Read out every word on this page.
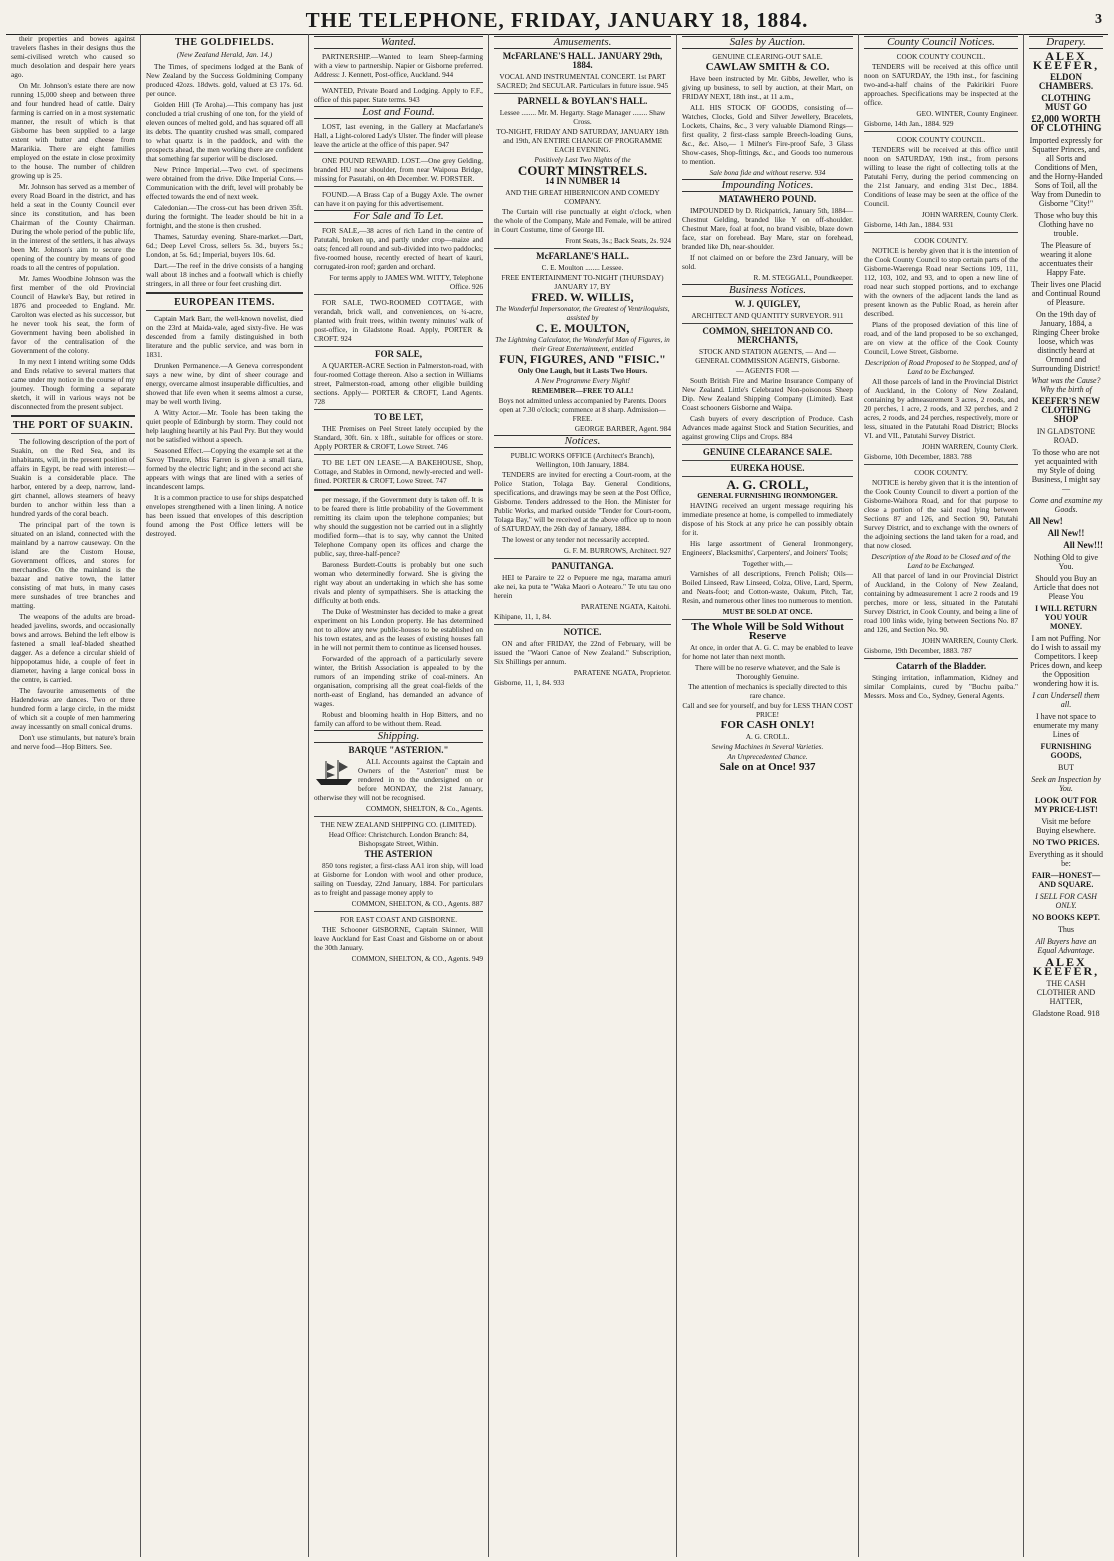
THE TELEPHONE, FRIDAY, JANUARY 18, 1884.	3

their properties and bowes against travelers flashes in their designs thus the semi-civilised wretch who caused so much desolation and despair here years ago.

On Mr. Johnson's estate there are now running 15,000 sheep and between three and four hundred head of cattle. Dairy farming is carried on in a most systematic manner, the result of which is that Gisborne has been supplied to a large extent with butter and cheese from Mararikia. There are eight families employed on the estate in close proximity to the house. The number of children growing up is 25.

Mr. Johnson has served as a member of every Road Board in the district, and has held a seat in the County Council ever since its constitution, and has been Chairman of the County Chairman. During the whole period of the public life, in the interest of the settlers, it has always been Mr. Johnson's aim to secure the opening of the country by means of good roads to all the centres of population.

Mr. James Woodbine Johnson was the first member of the old Provincial Council of Hawke's Bay, but retired in 1876 and proceeded to England. Mr. Carolton was elected as his successor, but he never took his seat, the form of Government having been abolished in favor of the centralisation of the Government of the colony.

In my next I intend writing some Odds and Ends relative to several matters that came under my notice in the course of my journey. Though forming a separate sketch, it will in various ways not be disconnected from the present subject.

THE PORT OF SUAKIN.

The following description of the port of Suakin, on the Red Sea, and its inhabitants, will, in the present position of affairs in Egypt, be read with interest:—Suakin is a considerable place. The harbor, entered by a deep, narrow, land-girt channel, allows steamers of heavy burden to anchor within less than a hundred yards of the coral beach.

The principal part of the town is situated on an island, connected with the mainland by a narrow causeway. On the island are the Custom House, Government offices, and stores for merchandise. On the mainland is the bazaar and native town, the latter consisting of mat huts, in many cases mere sunshades of tree branches and matting.

The weapons of the adults are broad-headed javelins, swords, and occasionally bows and arrows. Behind the left elbow is fastened a small leaf-bladed sheathed dagger. As a defence a circular shield of hippopotamus hide, a couple of feet in diameter, having a large conical boss in the centre, is carried.

The favourite amusements of the Hadendowas are dances. Two or three hundred form a large circle, in the midst of which sit a couple of men hammering away incessantly on small conical drums.

Don't use stimulants, but nature's brain and nerve food—Hop Bitters. See.

THE GOLDFIELDS.
(New Zealand Herald, Jan. 14.)

The Times, of specimens lodged at the Bank of New Zealand by the Success Goldmining Company produced 42ozs. 18dwts. gold, valued at £3 17s. 6d. per ounce.

Golden Hill (Te Aroha).—This company has just concluded a trial crushing of one ton, for the yield of eleven ounces of melted gold, and has squared off all its debts. The quantity crushed was small, compared to what quartz is in the paddock, and with the prospects ahead, the men working there are confident that something far superior will be disclosed.

New Prince Imperial.—Two cwt. of specimens were obtained from the drive. Dike Imperial Cons.—Communication with the drift, level will probably be effected towards the end of next week.

Caledonian.—The cross-cut has been driven 35ft. during the fortnight. The leader should be hit in a fortnight, and the stone is then crushed.

Thames, Saturday evening. Share-market.—Dart, 6d.; Deep Level Cross, sellers 5s. 3d., buyers 5s.; London, at 5s. 6d.; Imperial, buyers 10s. 6d.

Dart.—The reef in the drive consists of a hanging wall about 18 inches and a footwall which is chiefly stringers, in all three or four feet crushing dirt.

EUROPEAN ITEMS.

Captain Mark Barr, the well-known novelist, died on the 23rd at Maida-vale, aged sixty-five. He was descended from a family distinguished in both literature and the public service, and was born in 1831.

Drunken Permanence.—A Geneva correspondent says a new wine, by dint of sheer courage and energy, overcame almost insuperable difficulties, and showed that life even when it seems almost a curse, may be well worth living.

A Witty Actor.—Mr. Toole has been taking the quiet people of Edinburgh by storm. They could not help laughing heartily at his Paul Pry. But they would not be satisfied without a speech.

Seasoned Effect.—Copying the example set at the Savoy Theatre, Miss Farren is given a small tiara, formed by the electric light; and in the second act she appears with wings that are lined with a series of incandescent lamps.

It is a common practice to use for ships despatched envelopes strengthened with a linen lining. A notice has been issued that envelopes of this description found among the Post Office letters will be destroyed.

Wanted.

PARTNERSHIP.—Wanted to learn Sheep-farming with a view to partnership. Napier or Gisborne preferred. Address: J. Kennett, Post-office, Auckland. 944

WANTED, Private Board and Lodging. Apply to F.F., office of this paper. State terms. 943

Lost and Found.

LOST, last evening, in the Gallery at Macfarlane's Hall, a Light-colored Lady's Ulster. The finder will please leave the article at the office of this paper. 947

ONE POUND REWARD. LOST.—One grey Gelding, branded HU near shoulder, from near Waipoua Bridge, missing for Pasutahi, on 4th December. W. FORSTER.

FOUND.—A Brass Cap of a Buggy Axle. The owner can have it on paying for this advertisement.

For Sale and To Let.

FOR SALE,—38 acres of rich Land in the centre of Patutahi, broken up, and partly under crop—maize and oats; fenced all round and sub-divided into two paddocks; five-roomed house, recently erected of heart of kauri, corrugated-iron roof; garden and orchard.

For terms apply to JAMES WM. WITTY, Telephone Office. 926

FOR SALE, TWO-ROOMED COTTAGE, with verandah, brick wall, and conveniences, on ¼-acre, planted with fruit trees, within twenty minutes' walk of post-office, in Gladstone Road. Apply, PORTER & CROFT. 924

FOR SALE,

A QUARTER-ACRE Section in Palmerston-road, with four-roomed Cottage thereon. Also a section in Williams street, Palmerston-road, among other eligible building sections. Apply— PORTER & CROFT, Land Agents. 728

TO BE LET,

THE Premises on Peel Street lately occupied by the Standard, 30ft. 6in. x 18ft., suitable for offices or store. Apply PORTER & CROFT, Lowe Street. 746

TO BE LET ON LEASE.—A BAKEHOUSE, Shop, Cottage, and Stables in Ormond, newly-erected and well-fitted. PORTER & CROFT, Lowe Street. 747

per message, if the Government duty is taken off. It is to be feared there is little probability of the Government remitting its claim upon the telephone companies; but why should the suggestion not be carried out in a slightly modified form—that is to say, why cannot the United Telephone Company open its offices and charge the public, say, three-half-pence?

Baroness Burdett-Coutts is probably but one such woman who determinedly forward. She is giving the right way about an undertaking in which she has some rivals and plenty of sympathisers. She is attacking the difficulty at both ends.

The Duke of Westminster has decided to make a great experiment on his London property. He has determined not to allow any new public-houses to be established on his town estates, and as the leases of existing houses fall in he will not permit them to continue as licensed houses.

Forwarded of the approach of a particularly severe winter, the British Association is appealed to by the rumors of an impending strike of coal-miners. An organisation, comprising all the great coal-fields of the north-east of England, has demanded an advance of wages.

Robust and blooming health in Hop Bitters, and no family can afford to be without them. Read.

Shipping.
BARQUE "ASTERION."

ALL Accounts against the Captain and Owners of the "Asterion" must be rendered in to the undersigned on or before MONDAY, the 21st January, otherwise they will not be recognised.

COMMON, SHELTON, & Co., Agents.
THE NEW ZEALAND SHIPPING CO. (LIMITED).
Head Office: Christchurch. London Branch: 84, Bishopsgate Street, Within.
THE ASTERION

850 tons register, a first-class AA1 iron ship, will load at Gisborne for London with wool and other produce, sailing on Tuesday, 22nd January, 1884. For particulars as to freight and passage money apply to

COMMON, SHELTON, & CO., Agents. 887
FOR EAST COAST AND GISBORNE.

THE Schooner GISBORNE, Captain Skinner, Will leave Auckland for East Coast and Gisborne on or about the 30th January.

COMMON, SHELTON, & CO., Agents. 949
Amusements.
McFARLANE'S HALL. JANUARY 29th, 1884.
VOCAL AND INSTRUMENTAL CONCERT. 1st PART SACRED; 2nd SECULAR. Particulars in future issue. 945
PARNELL & BOYLAN'S HALL.
Lessee ........ Mr. M. Hegarty. Stage Manager ........ Shaw Cross.
TO-NIGHT, FRIDAY AND SATURDAY, JANUARY 18th and 19th, AN ENTIRE CHANGE OF PROGRAMME EACH EVENING.
Positively Last Two Nights of the
COURT MINSTRELS.
14 IN NUMBER 14
AND THE GREAT HIBERNICON AND COMEDY COMPANY.

The Curtain will rise punctually at eight o'clock, when the whole of the Company, Male and Female, will be attired in Court Costume, time of George III.

Front Seats, 3s.; Back Seats, 2s. 924
McFARLANE'S HALL.
C. E. Moulton ........ Lessee.
FREE ENTERTAINMENT TO-NIGHT (THURSDAY) JANUARY 17, BY
FRED. W. WILLIS,
The Wonderful Impersonator, the Greatest of Ventriloquists, assisted by
C. E. MOULTON,
The Lightning Calculator, the Wonderful Man of Figures, in their Great Entertainment, entitled
FUN, FIGURES, AND "FISIC."
Only One Laugh, but it Lasts Two Hours.
A New Programme Every Night!
REMEMBER—FREE TO ALL!
Boys not admitted unless accompanied by Parents. Doors open at 7.30 o'clock; commence at 8 sharp. Admission—FREE.
GEORGE BARBER, Agent. 984
Notices.
PUBLIC WORKS OFFICE (Architect's Branch), Wellington, 10th January, 1884.

TENDERS are invited for erecting a Court-room, at the Police Station, Tolaga Bay. General Conditions, specifications, and drawings may be seen at the Post Office, Gisborne. Tenders addressed to the Hon. the Minister for Public Works, and marked outside "Tender for Court-room, Tolaga Bay," will be received at the above office up to noon of SATURDAY, the 26th day of January, 1884.

The lowest or any tender not necessarily accepted.

G. F. M. BURROWS, Architect. 927
PANUITANGA.

HEI te Paraire te 22 o Pepuere me nga, marama amuri ake nei, ka puta te "Waka Maori o Aotearo." Te utu tau ono herein

PARATENE NGATA, Kaitohi.
Kihipane, 11, 1, 84.
NOTICE.

ON and after FRIDAY, the 22nd of February, will be issued the "Waori Canoe of New Zealand." Subscription, Six Shillings per annum.

PARATENE NGATA, Proprietor.
Gisborne, 11, 1, 84. 933
Sales by Auction.
GENUINE CLEARING-OUT SALE.
CAWLAW SMITH & CO.

Have been instructed by Mr. Gibbs, Jeweller, who is giving up business, to sell by auction, at their Mart, on FRIDAY NEXT, 18th inst., at 11 a.m.,

ALL HIS STOCK OF GOODS, consisting of— Watches, Clocks, Gold and Silver Jewellery, Bracelets, Lockets, Chains, &c., 3 very valuable Diamond Rings—first quality, 2 first-class sample Breech-loading Guns, &c., &c. Also,— 1 Milner's Fire-proof Safe, 3 Glass Show-cases, Shop-fittings, &c., and Goods too numerous to mention.

Sale bona fide and without reserve. 934
Impounding Notices.
MATAWHERO POUND.

IMPOUNDED by D. Rickpatrick, January 5th, 1884— Chestnut Gelding, branded like Y on off-shoulder. Chestnut Mare, foal at foot, no brand visible, blaze down face, star on forehead. Bay Mare, star on forehead, branded like Dh, near-shoulder.

If not claimed on or before the 23rd January, will be sold.

R. M. STEGGALL, Poundkeeper.
Business Notices.
W. J. QUIGLEY,
ARCHITECT AND QUANTITY SURVEYOR. 911
COMMON, SHELTON AND CO. MERCHANTS,
STOCK AND STATION AGENTS, — And — GENERAL COMMISSION AGENTS, Gisborne.
— AGENTS FOR —

South British Fire and Marine Insurance Company of New Zealand. Little's Celebrated Non-poisonous Sheep Dip. New Zealand Shipping Company (Limited). East Coast schooners Gisborne and Waipa.

Cash buyers of every description of Produce. Cash Advances made against Stock and Station Securities, and against growing Clips and Crops. 884

GENUINE CLEARANCE SALE.
EUREKA HOUSE.
A. G. CROLL,
GENERAL FURNISHING IRONMONGER.

HAVING received an urgent message requiring his immediate presence at home, is compelled to immediately dispose of his Stock at any price he can possibly obtain for it.

His large assortment of General Ironmongery, Engineers', Blacksmiths', Carpenters', and Joiners' Tools;

Together with,—

Varnishes of all descriptions, French Polish; Oils—Boiled Linseed, Raw Linseed, Colza, Olive, Lard, Sperm, and Neats-foot; and Cotton-waste, Oakum, Pitch, Tar, Resin, and numerous other lines too numerous to mention.

MUST BE SOLD AT ONCE.
The Whole Will be Sold Without Reserve

At once, in order that A. G. C. may be enabled to leave for home not later than next month.

There will be no reserve whatever, and the Sale is Thoroughly Genuine.
The attention of mechanics is specially directed to this rare chance.
Call and see for yourself, and buy for LESS THAN COST PRICE!
FOR CASH ONLY!
A. G. CROLL.
Sewing Machines in Several Varieties.
An Unprecedented Chance.
Sale on at Once! 937
County Council Notices.
COOK COUNTY COUNCIL.

TENDERS will be received at this office until noon on SATURDAY, the 19th inst., for fascining two-and-a-half chains of the Pakirikiri Fuore approaches. Specifications may be inspected at the office.

GEO. WINTER, County Engineer.
Gisborne, 14th Jan., 1884. 929
COOK COUNTY COUNCIL.

TENDERS will be received at this office until noon on SATURDAY, 19th inst., from persons willing to lease the right of collecting tolls at the Patutahi Ferry, during the period commencing on the 21st January, and ending 31st Dec., 1884. Conditions of lease may be seen at the office of the Council.

JOHN WARREN, County Clerk.
Gisborne, 14th Jan., 1884. 931
COOK COUNTY.

NOTICE is hereby given that it is the intention of the Cook County Council to stop certain parts of the Gisborne-Waerenga Road near Sections 109, 111, 112, 103, 102, and 93, and to open a new line of road near such stopped portions, and to exchange with the owners of the adjacent lands the land as present known as the Public Road, as herein after described.

Plans of the proposed deviation of this line of road, and of the land proposed to be so exchanged, are on view at the office of the Cook County Council, Lowe Street, Gisborne.

Description of Road Proposed to be Stopped, and of Land to be Exchanged.

All those parcels of land in the Provincial District of Auckland, in the Colony of New Zealand, containing by admeasurement 3 acres, 2 roods, and 20 perches, 1 acre, 2 roods, and 32 perches, and 2 acres, 2 roods, and 24 perches, respectively, more or less, situated in the Patutahi Road District; Blocks VI. and VII., Patutahi Survey District.

JOHN WARREN, County Clerk.
Gisborne, 10th December, 1883. 788
COOK COUNTY.

NOTICE is hereby given that it is the intention of the Cook County Council to divert a portion of the Gisborne-Waihora Road, and for that purpose to close a portion of the said road lying between Sections 87 and 126, and Section 90, Patutahi Survey District, and to exchange with the owners of the adjoining sections the land taken for a road, and that now closed.

Description of the Road to be Closed and of the Land to be Exchanged.

All that parcel of land in our Provincial District of Auckland, in the Colony of New Zealand, containing by admeasurement 1 acre 2 roods and 19 perches, more or less, situated in the Patutahi Survey District, in Cook County, and being a line of road 100 links wide, lying between Sections No. 87 and 126, and Section No. 90.

JOHN WARREN, County Clerk.
Gisborne, 19th December, 1883. 787
Catarrh of the Bladder.

Stinging irritation, inflammation, Kidney and similar Complaints, cured by "Buchu paiba." Messrs. Moss and Co., Sydney, General Agents.

Drapery.
ALEX KEEFER,
ELDON CHAMBERS.
CLOTHING MUST GO
£2,000 WORTH OF CLOTHING
Imported expressly for Squatter Princes, and all Sorts and Conditions of Men, and the Horny-Handed Sons of Toil, all the Way from Dunedin to Gisborne "City!"
Those who buy this Clothing have no trouble.
The Pleasure of wearing it alone accentuates their Happy Fate.
Their lives one Placid and Continual Round of Pleasure.
On the 19th day of January, 1884, a Ringing Cheer broke loose, which was distinctly heard at Ormond and Surrounding District!
What was the Cause? Why the birth of
KEEFER'S NEW CLOTHING SHOP
IN GLADSTONE ROAD.
To those who are not yet acquainted with my Style of doing Business, I might say—
Come and examine my Goods.
All New!
All New!!
All New!!!
Nothing Old to give You.
Should you Buy an Article that does not Please You
I WILL RETURN YOU YOUR MONEY.
I am not Puffing. Nor do I wish to assail my Competitors. I keep Prices down, and keep the Opposition wondering how it is.
I can Undersell them all.
I have not space to enumerate my many Lines of
FURNISHING GOODS,
BUT
Seek an Inspection by You.
LOOK OUT FOR MY PRICE-LIST!
Visit me before Buying elsewhere.
NO TWO PRICES.
Everything as it should be:
FAIR—HONEST—AND SQUARE.
I SELL FOR CASH ONLY.
NO BOOKS KEPT.
Thus
All Buyers have an Equal Advantage.
ALEX KEEFER,
THE CASH CLOTHIER AND HATTER,
Gladstone Road. 918
